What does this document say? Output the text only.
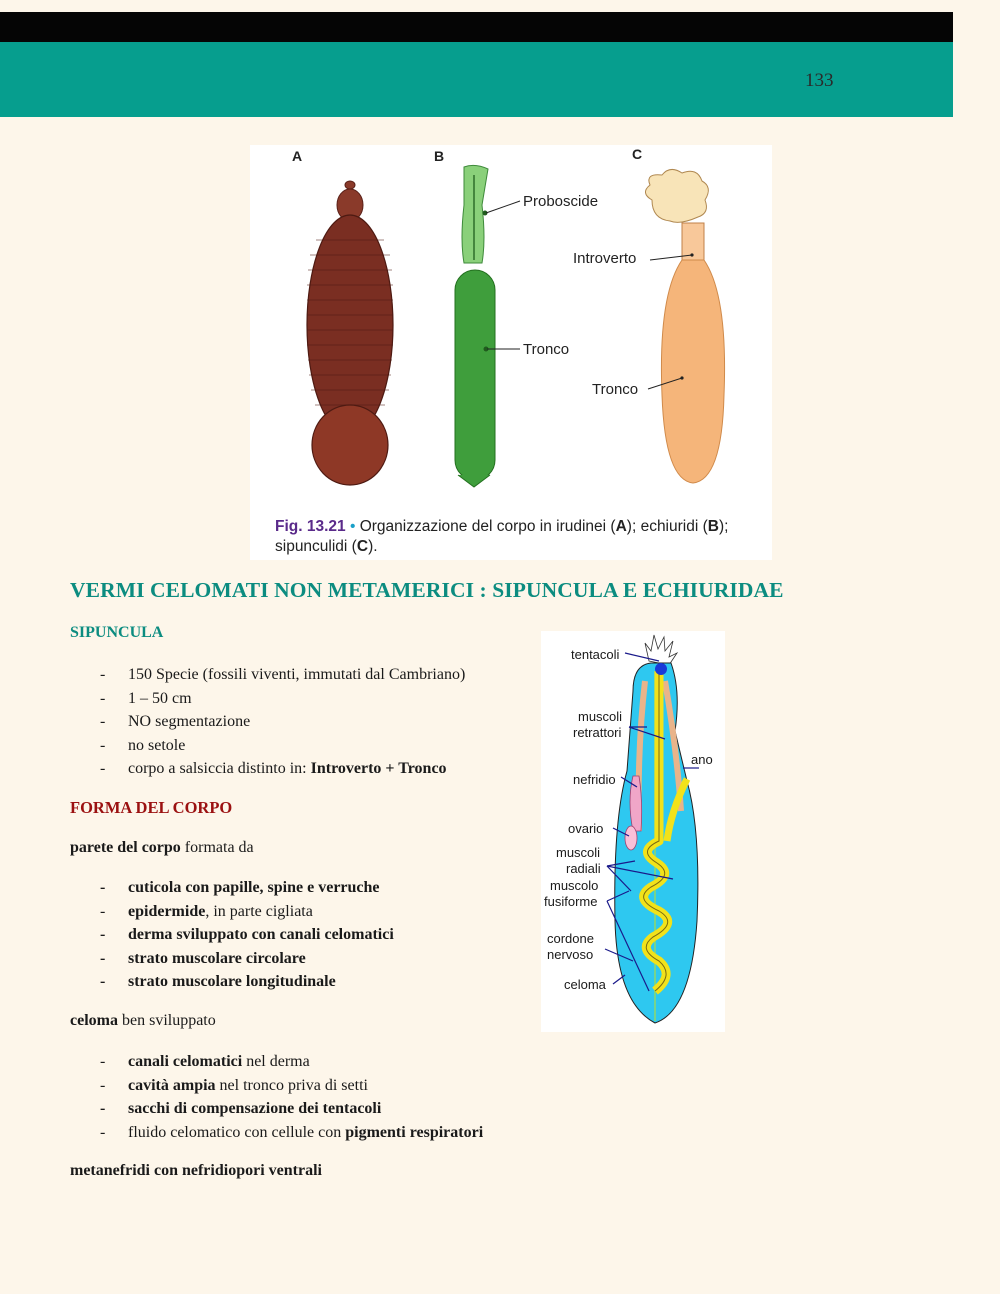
133
A	B	C
Proboscide
Tronco
Introverto
Tronco
Fig. 13.21 • Organizzazione del corpo in irudinei (A); echiuridi (B); sipunculidi (C).
VERMI CELOMATI NON METAMERICI : SIPUNCULA E ECHIURIDAE
SIPUNCULA
- 150 Specie (fossili viventi, immutati dal Cambriano)
- 1 – 50 cm
- NO segmentazione
- no setole
- corpo a salsiccia distinto in: Introverto + Tronco
FORMA DEL CORPO

parete del corpo formata da

- cuticola con papille, spine e verruche
- epidermide, in parte cigliata
- derma sviluppato con canali celomatici
- strato muscolare circolare
- strato muscolare longitudinale

celoma ben sviluppato

- canali celomatici nel derma
- cavità ampia nel tronco priva di setti
- sacchi di compensazione dei tentacoli
- fluido celomatico con cellule con pigmenti respiratori

metanefridi con nefridiopori ventrali

tentacoli
muscoli
retrattori
ano
nefridio
ovario
muscoli
radiali
muscolo
fusiforme
cordone
nervoso
celoma
